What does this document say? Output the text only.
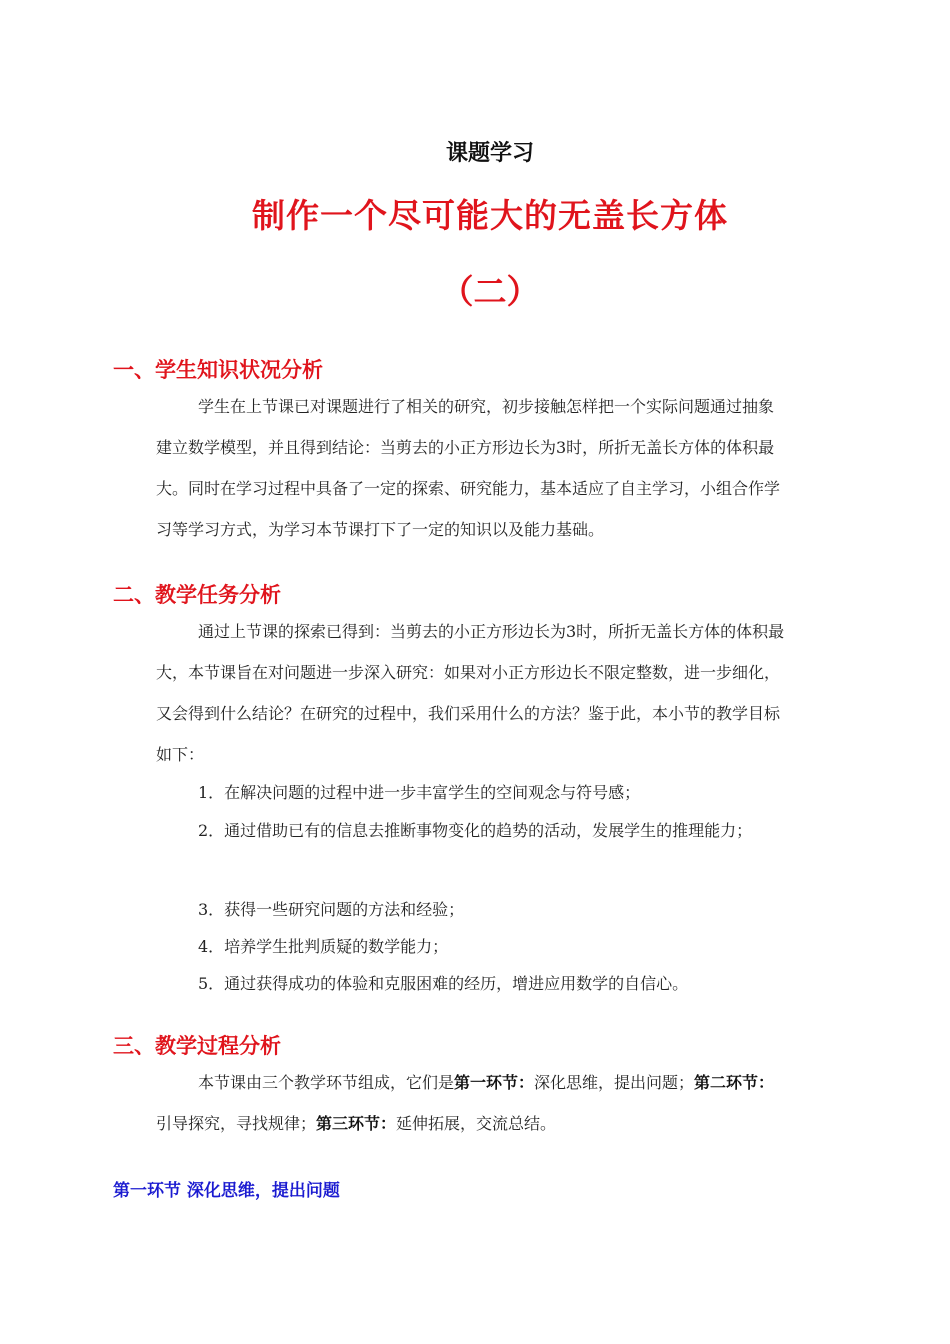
课题学习
制作一个尽可能大的无盖长方体
（二）
一、学生知识状况分析
学生在上节课已对课题进行了相关的研究，初步接触怎样把一个实际问题通过抽象建立数学模型，并且得到结论：当剪去的小正方形边长为3时，所折无盖长方体的体积最大。同时在学习过程中具备了一定的探索、研究能力，基本适应了自主学习，小组合作学习等学习方式，为学习本节课打下了一定的知识以及能力基础。
二、教学任务分析
通过上节课的探索已得到：当剪去的小正方形边长为3时，所折无盖长方体的体积最大，本节课旨在对问题进一步深入研究：如果对小正方形边长不限定整数，进一步细化，又会得到什么结论？在研究的过程中，我们采用什么的方法？鉴于此，本小节的教学目标如下：
1．在解决问题的过程中进一步丰富学生的空间观念与符号感；
2．通过借助已有的信息去推断事物变化的趋势的活动，发展学生的推理能力；
3．获得一些研究问题的方法和经验；
4．培养学生批判质疑的数学能力；
5．通过获得成功的体验和克服困难的经历，增进应用数学的自信心。
三、教学过程分析
本节课由三个教学环节组成，它们是第一环节：深化思维，提出问题；第二环节：引导探究，寻找规律；第三环节：延伸拓展，交流总结。
第一环节 深化思维，提出问题
